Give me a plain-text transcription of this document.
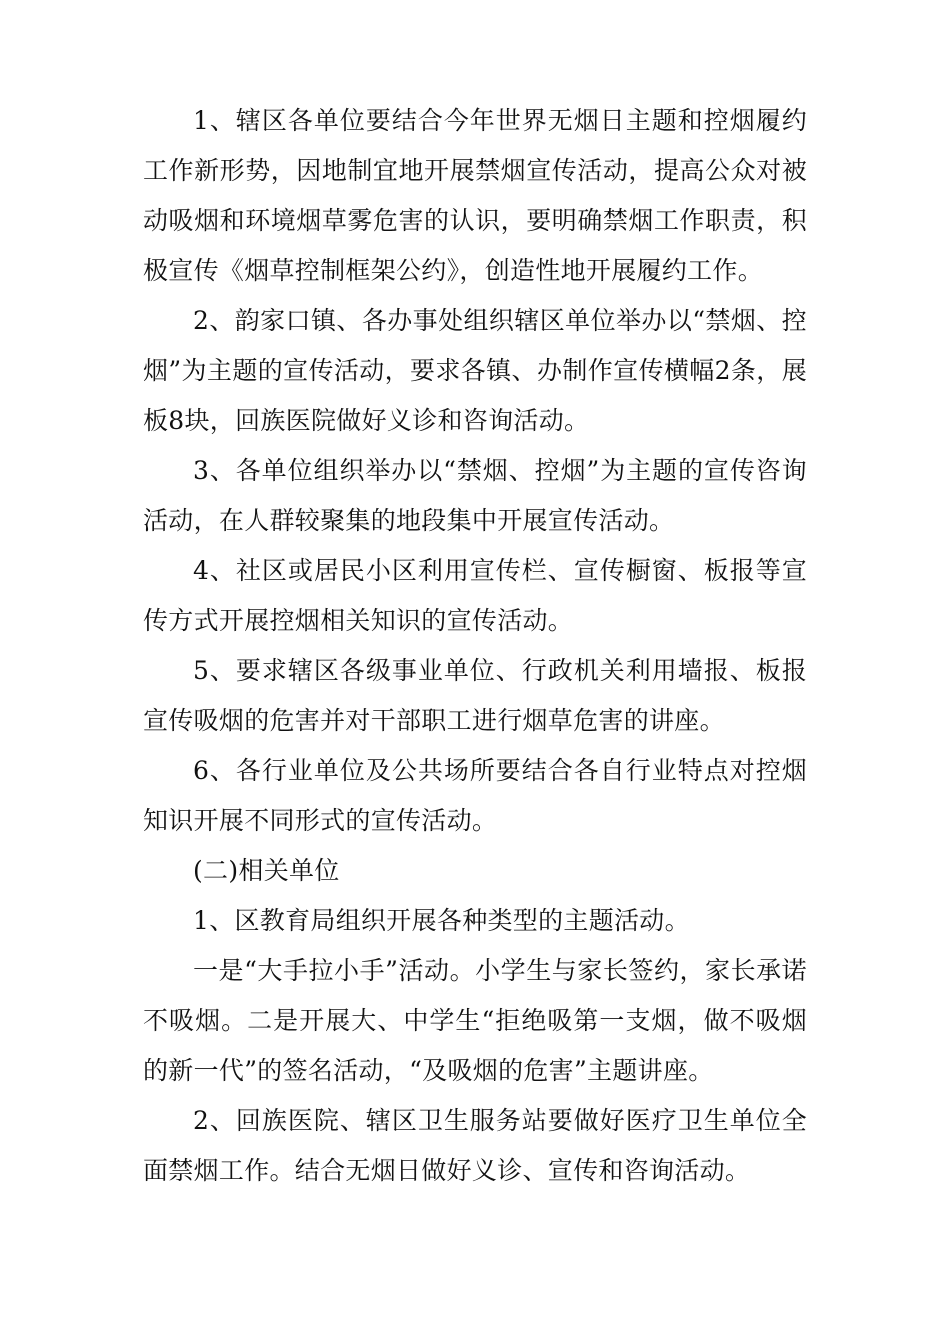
1、辖区各单位要结合今年世界无烟日主题和控烟履约工作新形势，因地制宜地开展禁烟宣传活动，提高公众对被动吸烟和环境烟草雾危害的认识，要明确禁烟工作职责，积极宣传《烟草控制框架公约》，创造性地开展履约工作。

2、韵家口镇、各办事处组织辖区单位举办以“禁烟、控烟”为主题的宣传活动，要求各镇、办制作宣传横幅2条，展板8块，回族医院做好义诊和咨询活动。

3、各单位组织举办以“禁烟、控烟”为主题的宣传咨询活动，在人群较聚集的地段集中开展宣传活动。

4、社区或居民小区利用宣传栏、宣传橱窗、板报等宣传方式开展控烟相关知识的宣传活动。

5、要求辖区各级事业单位、行政机关利用墙报、板报宣传吸烟的危害并对干部职工进行烟草危害的讲座。

6、各行业单位及公共场所要结合各自行业特点对控烟知识开展不同形式的宣传活动。

(二)相关单位

1、区教育局组织开展各种类型的主题活动。

一是“大手拉小手”活动。小学生与家长签约，家长承诺不吸烟。二是开展大、中学生“拒绝吸第一支烟，做不吸烟的新一代”的签名活动，“及吸烟的危害”主题讲座。

2、回族医院、辖区卫生服务站要做好医疗卫生单位全面禁烟工作。结合无烟日做好义诊、宣传和咨询活动。
